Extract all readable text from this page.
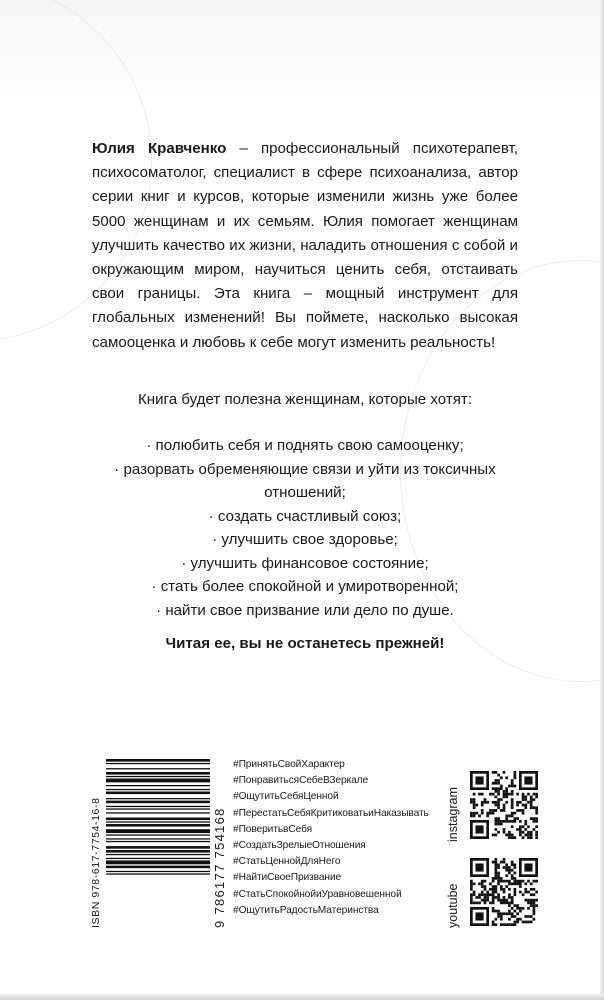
Юлия Кравченко – профессиональный психотерапевт, психосоматолог, специалист в сфере психоанализа, автор серии книг и курсов, которые изменили жизнь уже более 5000 женщинам и их семьям. Юлия помогает женщинам улучшить качество их жизни, наладить отношения с собой и окружающим миром, научиться ценить себя, отстаивать свои границы. Эта книга – мощный инструмент для глобальных изменений! Вы поймете, насколько высокая самооценка и любовь к себе могут изменить реальность!

Книга будет полезна женщинам, которые хотят:

· полюбить себя и поднять свою самооценку;
· разорвать обременяющие связи и уйти из токсичных отношений;
· создать счастливый союз;
· улучшить свое здоровье;
· улучшить финансовое состояние;
· стать более спокойной и умиротворенной;
· найти свое призвание или дело по душе.

Читая ее, вы не останетесь прежней!

ISBN 978-617-7754-16-8	9 786177 754168
#ПринятьСвойХарактер
#ПонравитьсяСебеВЗеркале
#ОщутитьСебяЦенной
#ПерестатьСебяКритиковатьиНаказывать
#ПоверитьвСебя
#СоздатьЗрелыеОтношения
#СтатьЦеннойДляНего
#НайтиСвоеПризвание
#СтатьСпокойнойиУравновешенной
#ОщутитьРадостьМатеринства
instagram
youtube
